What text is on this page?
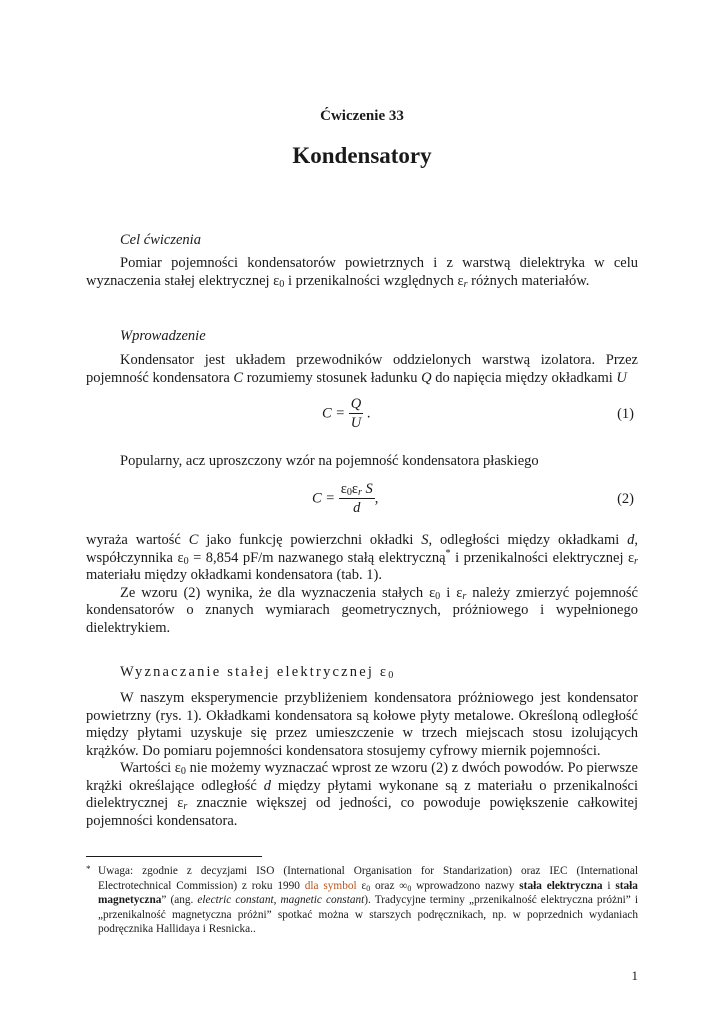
Ćwiczenie 33
Kondensatory
Cel ćwiczenia

Pomiar pojemności kondensatorów powietrznych i z warstwą dielektryka w celu wyznaczenia stałej elektrycznej $\varepsilon_0$ i przenikalności względnych $\varepsilon_r$ różnych materiałów.

Wprowadzenie

Kondensator jest układem przewodników oddzielonych warstwą izolatora. Przez pojemność kondensatora C rozumiemy stosunek ładunku Q do napięcia między okładkami U

$C = \frac{Q}{U}$ .	(1)

Popularny, acz uproszczony wzór na pojemność kondensatora płaskiego

$C = \frac{\varepsilon_0\varepsilon_r S}{d}$ ,	(2)

wyraża wartość C jako funkcję powierzchni okładki S, odległości między okładkami d, współczynnika $\varepsilon_0 = 8,854$ pF/m nazwanego stałą elektryczną* i przenikalności elektrycznej $\varepsilon_r$ materiału między okładkami kondensatora (tab. 1).

Ze wzoru (2) wynika, że dla wyznaczenia stałych $\varepsilon_0$ i $\varepsilon_r$ należy zmierzyć pojemność kondensatorów o znanych wymiarach geometrycznych, próżniowego i wypełnionego dielektrykiem.

Wyznaczanie stałej elektrycznej $\varepsilon_0$

W naszym eksperymencie przybliżeniem kondensatora próżniowego jest kondensator powietrzny (rys. 1). Okładkami kondensatora są kołowe płyty metalowe. Określoną odległość między płytami uzyskuje się przez umieszczenie w trzech miejscach stosu izolujących krążków. Do pomiaru pojemności kondensatora stosujemy cyfrowy miernik pojemności.

Wartości $\varepsilon_0$ nie możemy wyznaczać wprost ze wzoru (2) z dwóch powodów. Po pierwsze krążki określające odległość d między płytami wykonane są z materiału o przenikalności dielektrycznej $\varepsilon_r$ znacznie większej od jedności, co powoduje powiększenie całkowitej pojemności kondensatora.

* Uwaga: zgodnie z decyzjami ISO (International Organisation for Standarization) oraz IEC (International Electrotechnical Commission) z roku 1990 dla symbol $\varepsilon_0$ oraz $\infty_0$ wprowadzono nazwy stała elektryczna i stała magnetyczna” (ang. electric constant, magnetic constant). Tradycyjne terminy „przenikalność elektryczna próżni” i „przenikalność magnetyczna próżni” spotkać można w starszych podręcznikach, np. w poprzednich wydaniach podręcznika Hallidaya i Resnicka..
1
